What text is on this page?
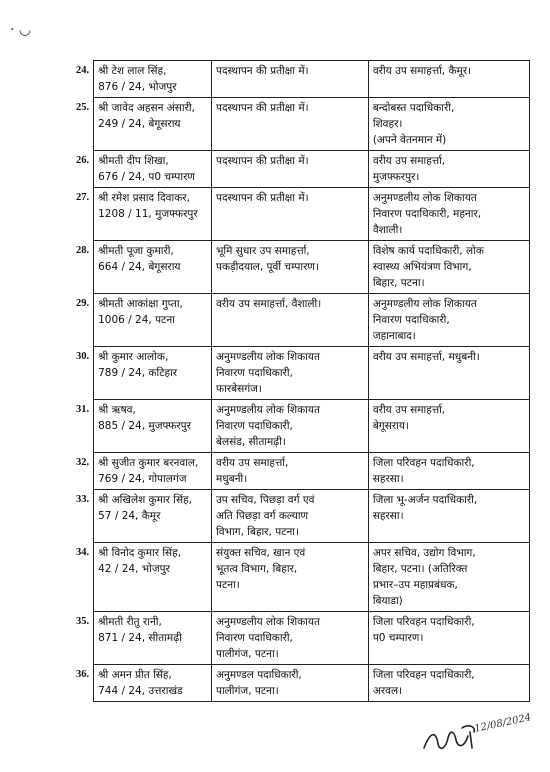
· ◡
24.	श्री टेश लाल सिंह,
876 / 24, भोजपुर	पदस्थापन की प्रतीक्षा में।	वरीय उप समाहर्त्ता, कैमूर।

25.	श्री जावेद अहसन अंसारी,
249 / 24, बेगूसराय	पदस्थापन की प्रतीक्षा में।	बन्दोबस्त पदाधिकारी,
शिवहर।
(अपने वेतनमान में)

26.	श्रीमती दीप शिखा,
676 / 24, प0 चम्पारण	पदस्थापन की प्रतीक्षा में।	वरीय उप समाहर्त्ता,
मुजफ्फरपुर।

27.	श्री रमेश प्रसाद दिवाकर,
1208 / 11, मुजफ्फरपुर	पदस्थापन की प्रतीक्षा में।	अनुमण्डलीय लोक शिकायत
निवारण पदाधिकारी, महनार,
वैशाली।

28.	श्रीमती पूजा कुमारी,
664 / 24, बेगूसराय	भूमि सुधार उप समाहर्त्ता,
पकड़ीदयाल, पूर्वी चम्पारण।	विशेष कार्य पदाधिकारी, लोक
स्वास्थ्य अभियंत्रण विभाग,
बिहार, पटना।

29.	श्रीमती आकांक्षा गुप्ता,
1006 / 24, पटना	वरीय उप समाहर्त्ता, वैशाली।	अनुमण्डलीय लोक शिकायत
निवारण पदाधिकारी,
जहानाबाद।

30.	श्री कुमार आलोक,
789 / 24, कटिहार	अनुमण्डलीय लोक शिकायत
निवारण पदाधिकारी,
फारबेसगंज।	वरीय उप समाहर्त्ता, मधुबनी।

31.	श्री ऋषव,
885 / 24, मुजफ्फरपुर	अनुमण्डलीय लोक शिकायत
निवारण पदाधिकारी,
बेलसंड, सीतामढ़ी।	वरीय उप समाहर्त्ता,
बेगूसराय।

32.	श्री सुजीत कुमार बरनवाल,
769 / 24, गोपालगंज	वरीय उप समाहर्त्ता,
मधुबनी।	जिला परिवहन पदाधिकारी,
सहरसा।

33.	श्री अखिलेश कुमार सिंह,
57 / 24, कैमूर	उप सचिव, पिछड़ा वर्ग एवं
अति पिछड़ा वर्ग कल्याण
विभाग, बिहार, पटना।	जिला भू-अर्जन पदाधिकारी,
सहरसा।

34.	श्री विनोद कुमार सिंह,
42 / 24, भोजपुर	संयुक्त सचिव, खान एवं
भूतत्व विभाग, बिहार,
पटना।	अपर सचिव, उद्योग विभाग,
बिहार, पटना। (अतिरिक्त
प्रभार–उप महाप्रबंधक,
बियाडा)

35.	श्रीमती रीतु रानी,
871 / 24, सीतामढ़ी	अनुमण्डलीय लोक शिकायत
निवारण पदाधिकारी,
पालीगंज, पटना।	जिला परिवहन पदाधिकारी,
प0 चम्पारण।

36.	श्री अमन प्रीत सिंह,
744 / 24, उत्तराखंड	अनुमण्डल पदाधिकारी,
पालीगंज, पटना।	जिला परिवहन पदाधिकारी,
अरवल।
12/08/2024
